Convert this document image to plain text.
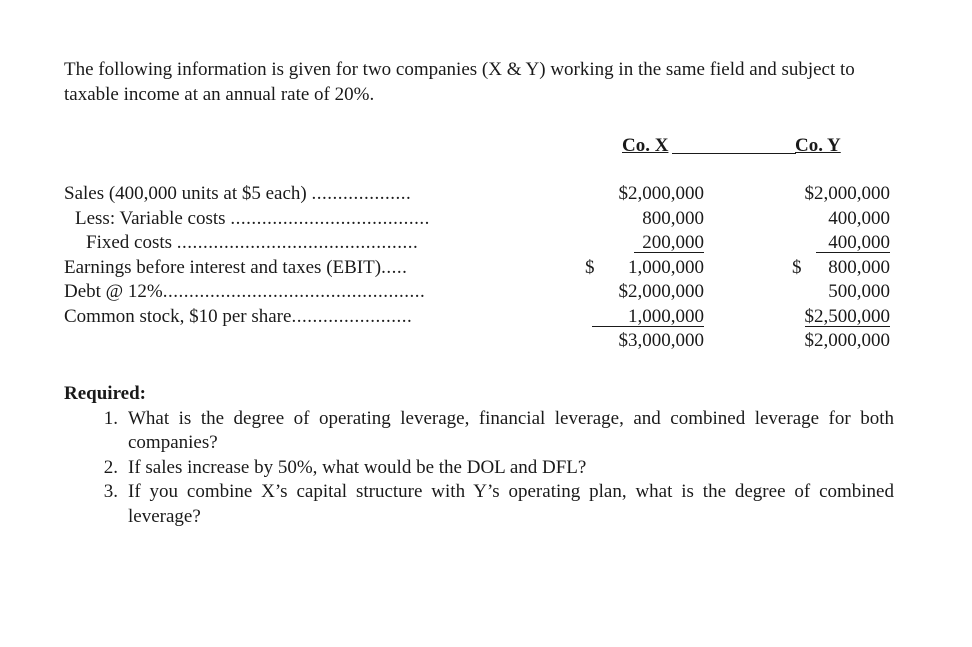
The following information is given for two companies (X & Y) working in the same field and subject to taxable income at an annual rate of 20%.

Co. X	Co. Y
Sales (400,000 units at $5 each)
...................
Less: Variable costs
......................................
Fixed costs
..............................................
Earnings before interest and taxes (EBIT) .....
Debt @ 12% ..................................................
Common stock, $10 per share .......................
$2,000,000
800,000
200,000
$ 1,000,000
$2,000,000
1,000,000
$3,000,000
$2,000,000
400,000
400,000
$ 800,000
500,000
$2,500,000
$2,000,000
Required:
1. What is the degree of operating leverage, financial leverage, and combined leverage for both companies?
2. If sales increase by 50%, what would be the DOL and DFL?
3. If you combine X’s capital structure with Y’s operating plan, what is the degree of combined leverage?
